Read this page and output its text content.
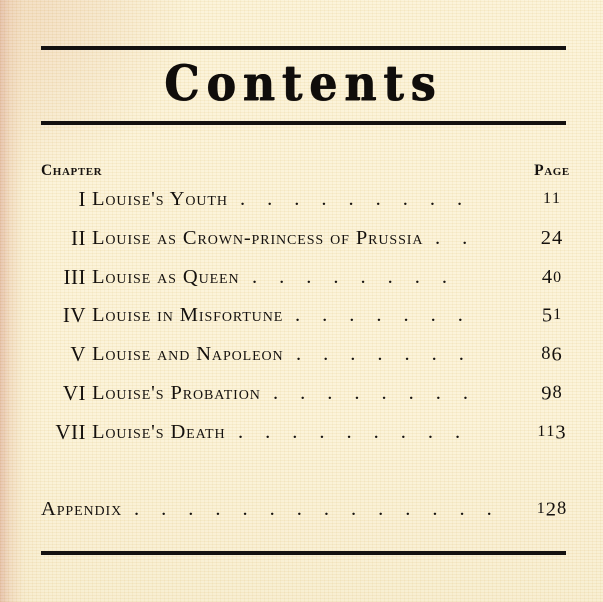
Contents
Chapter	Page
I Louise's Youth .........	11
II Louise as Crown-princess of Prussia ..	24
III Louise as Queen ........	40
IV Louise in Misfortune .......	51
V Louise and Napoleon .......	86
VI Louise's Probation ........	98
VII Louise's Death .........	113
Appendix ..............	128
